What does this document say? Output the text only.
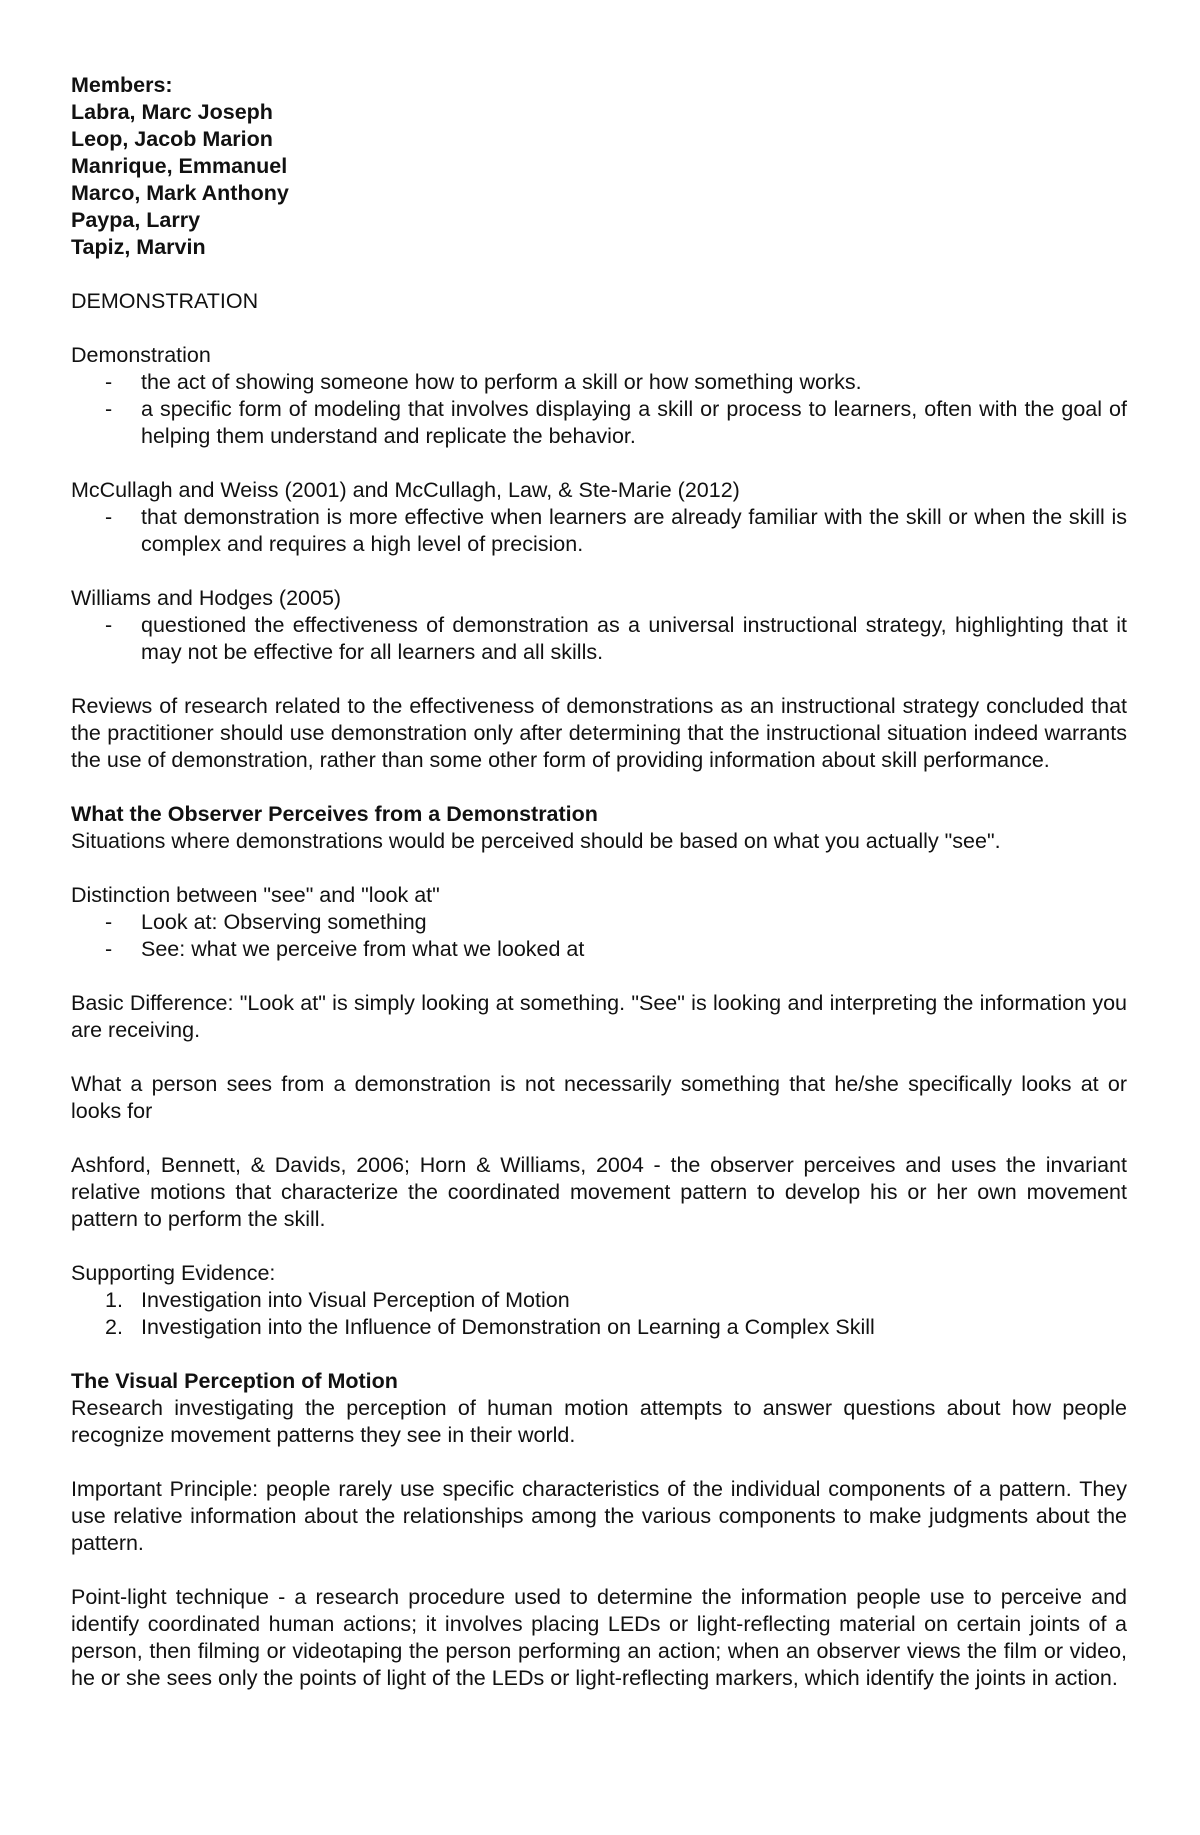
Members:

Labra, Marc Joseph

Leop, Jacob Marion

Manrique, Emmanuel

Marco, Mark Anthony

Paypa, Larry

Tapiz, Marvin

DEMONSTRATION

Demonstration

- the act of showing someone how to perform a skill or how something works.
- a specific form of modeling that involves displaying a skill or process to learners, often with the goal of helping them understand and replicate the behavior.

McCullagh and Weiss (2001) and McCullagh, Law, & Ste-Marie (2012)

- that demonstration is more effective when learners are already familiar with the skill or when the skill is complex and requires a high level of precision.

Williams and Hodges (2005)

- questioned the effectiveness of demonstration as a universal instructional strategy, highlighting that it may not be effective for all learners and all skills.

Reviews of research related to the effectiveness of demonstrations as an instructional strategy concluded that the practitioner should use demonstration only after determining that the instructional situation indeed warrants the use of demonstration, rather than some other form of providing information about skill performance.

What the Observer Perceives from a Demonstration

Situations where demonstrations would be perceived should be based on what you actually "see".

Distinction between "see" and "look at"

- Look at: Observing something
- See: what we perceive from what we looked at

Basic Difference: "Look at" is simply looking at something. "See" is looking and interpreting the information you are receiving.

What a person sees from a demonstration is not necessarily something that he/she specifically looks at or looks for

Ashford, Bennett, & Davids, 2006; Horn & Williams, 2004 - the observer perceives and uses the invariant relative motions that characterize the coordinated movement pattern to develop his or her own movement pattern to perform the skill.

Supporting Evidence:

1. Investigation into Visual Perception of Motion
2. Investigation into the Influence of Demonstration on Learning a Complex Skill

The Visual Perception of Motion

Research investigating the perception of human motion attempts to answer questions about how people recognize movement patterns they see in their world.

Important Principle: people rarely use specific characteristics of the individual components of a pattern. They use relative information about the relationships among the various components to make judgments about the pattern.

Point-light technique - a research procedure used to determine the information people use to perceive and identify coordinated human actions; it involves placing LEDs or light-reflecting material on certain joints of a person, then filming or videotaping the person performing an action; when an observer views the film or video, he or she sees only the points of light of the LEDs or light-reflecting markers, which identify the joints in action.
